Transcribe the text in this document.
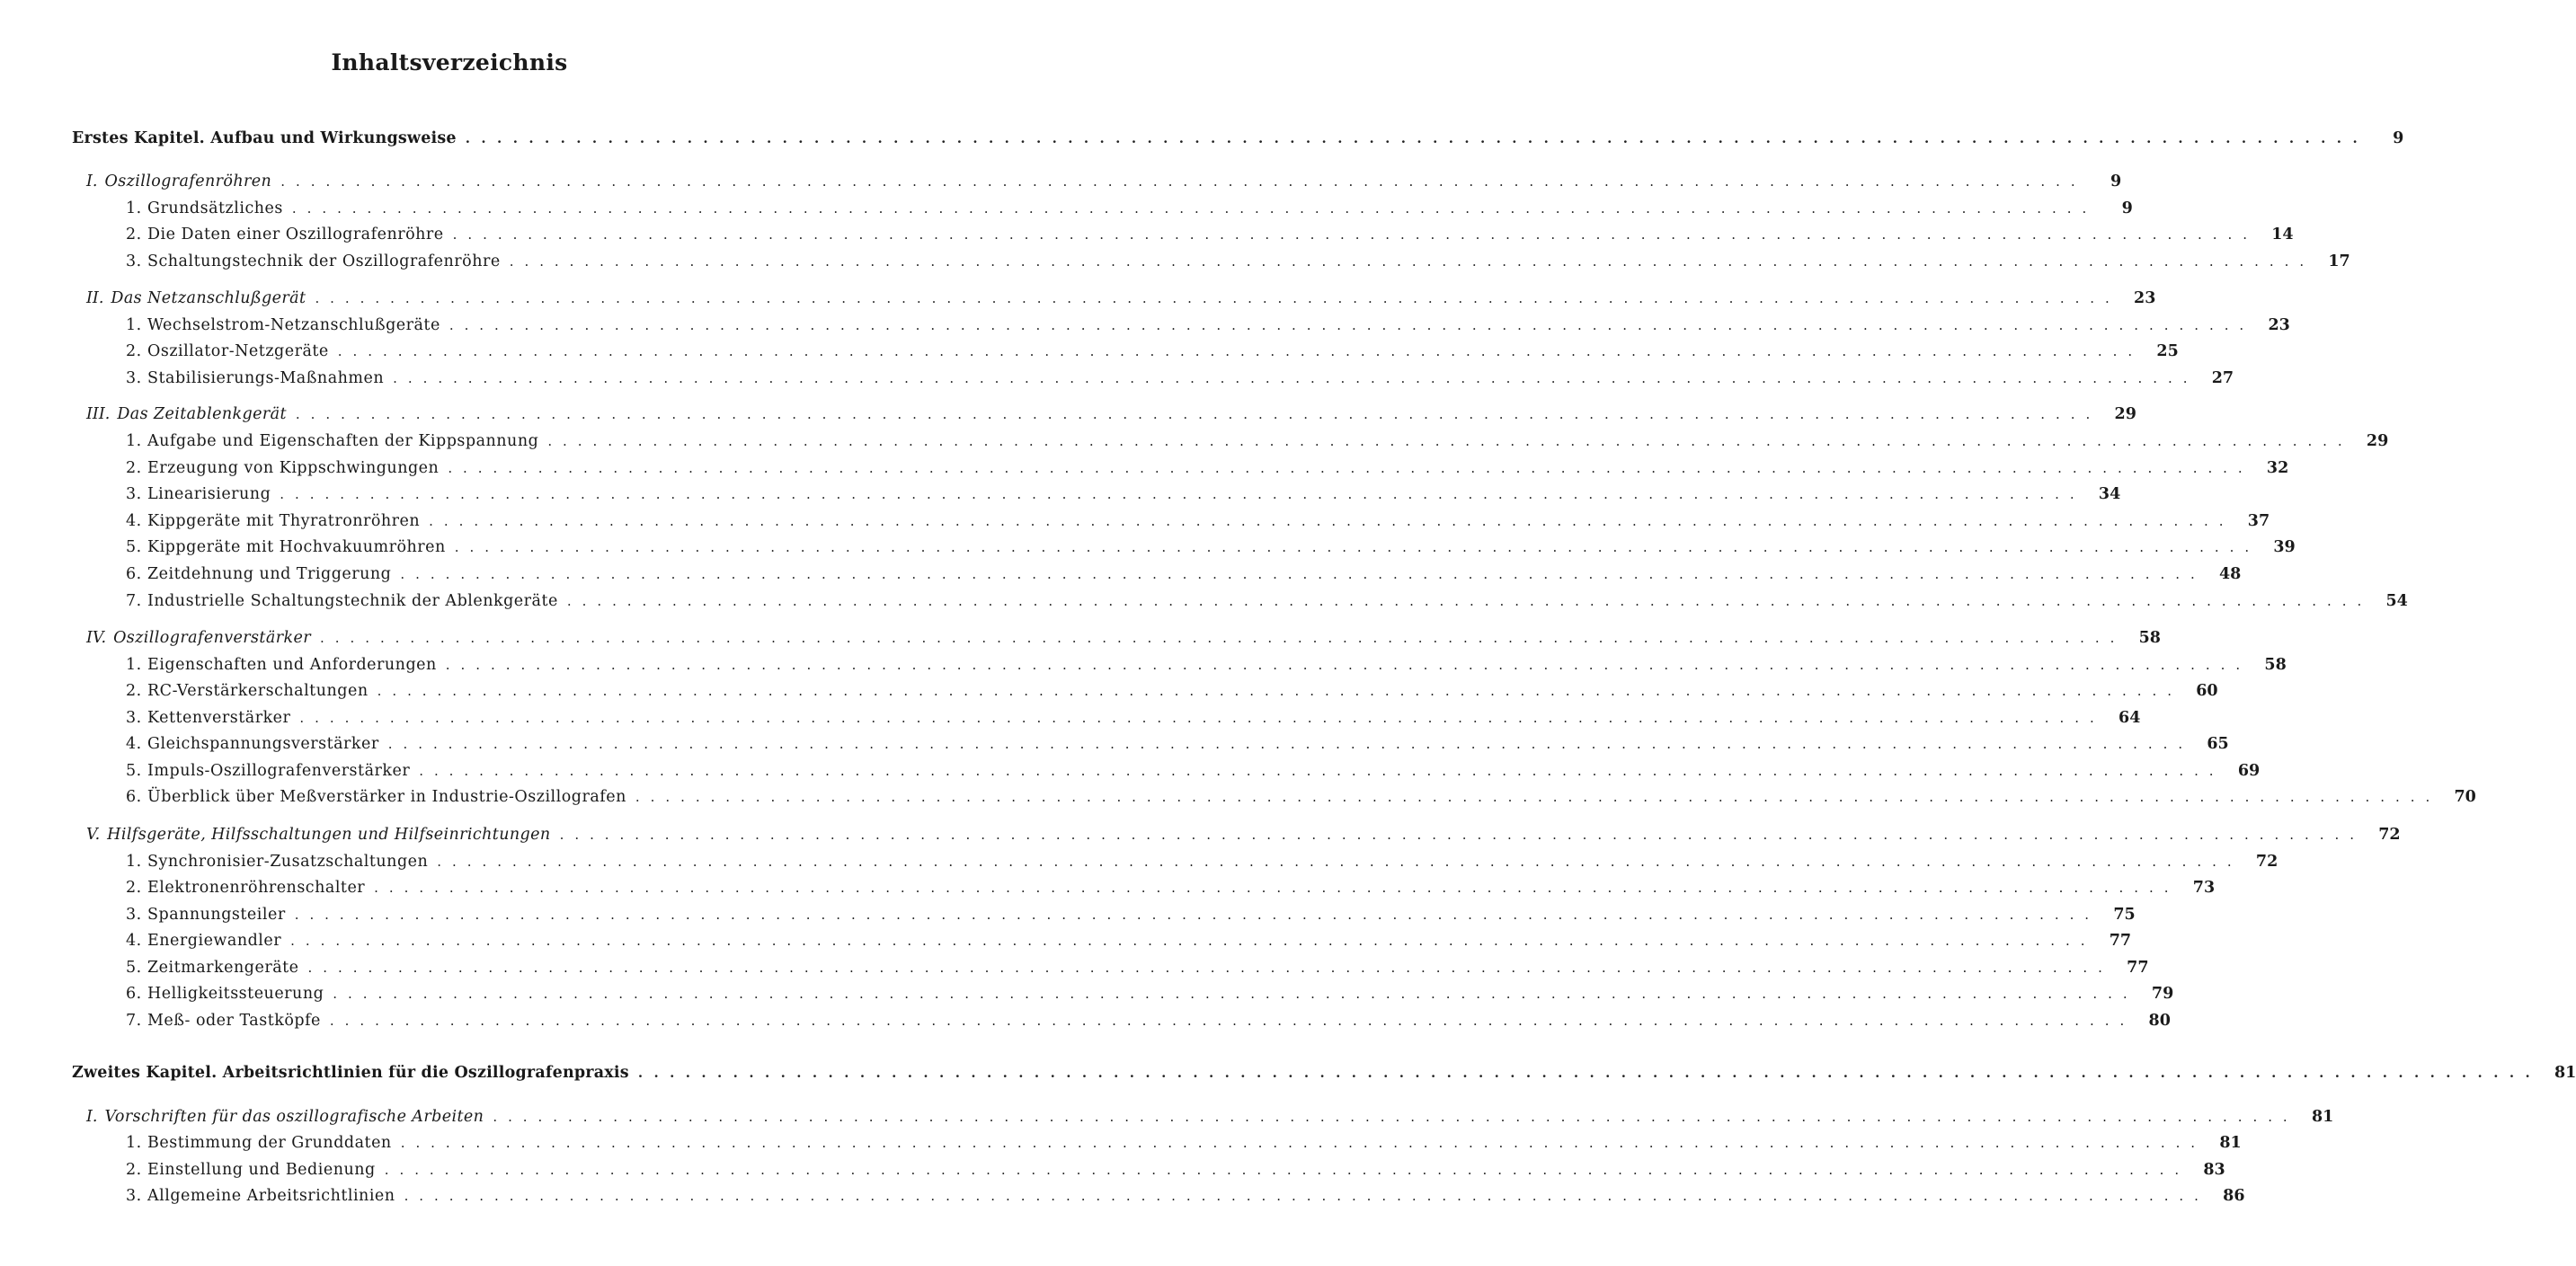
Inhaltsverzeichnis
Erstes Kapitel. Aufbau und Wirkungsweise . . . . . . . . . . . . . . . . . . . . . . . . . . . . . . . . . . . . . . . . . . . . . . . . . . . . . . . . . . . . . . . . . . . . . . . . . . . . . . . . . . . . . . . . . . . . . . . . . . . . . . . . . . . . . . . . . . . . . . . .	9
I. Oszillografenröhren . . . . . . . . . . . . . . . . . . . . . . . . . . . . . . . . . . . . . . . . . . . . . . . . . . . . . . . . . . . . . . . . . . . . . . . . . . . . . . . . . . . . . . . . . . . . . . . . . . . . . . . . . . . . . . . . . . . . . . . .	9
1. Grundsätzliches . . . . . . . . . . . . . . . . . . . . . . . . . . . . . . . . . . . . . . . . . . . . . . . . . . . . . . . . . . . . . . . . . . . . . . . . . . . . . . . . . . . . . . . . . . . . . . . . . . . . . . . . . . . . . . . . . . . . . . . .	9
2. Die Daten einer Oszillografenröhre . . . . . . . . . . . . . . . . . . . . . . . . . . . . . . . . . . . . . . . . . . . . . . . . . . . . . . . . . . . . . . . . . . . . . . . . . . . . . . . . . . . . . . . . . . . . . . . . . . . . . . . . . . . . . . . . . . . . . . . .	14
3. Schaltungstechnik der Oszillografenröhre . . . . . . . . . . . . . . . . . . . . . . . . . . . . . . . . . . . . . . . . . . . . . . . . . . . . . . . . . . . . . . . . . . . . . . . . . . . . . . . . . . . . . . . . . . . . . . . . . . . . . . . . . . . . . . . . . . . . . . . .	17
II. Das Netzanschlußgerät . . . . . . . . . . . . . . . . . . . . . . . . . . . . . . . . . . . . . . . . . . . . . . . . . . . . . . . . . . . . . . . . . . . . . . . . . . . . . . . . . . . . . . . . . . . . . . . . . . . . . . . . . . . . . . . . . . . . . . . .	23
1. Wechselstrom-Netzanschlußgeräte . . . . . . . . . . . . . . . . . . . . . . . . . . . . . . . . . . . . . . . . . . . . . . . . . . . . . . . . . . . . . . . . . . . . . . . . . . . . . . . . . . . . . . . . . . . . . . . . . . . . . . . . . . . . . . . . . . . . . . . .	23
2. Oszillator-Netzgeräte . . . . . . . . . . . . . . . . . . . . . . . . . . . . . . . . . . . . . . . . . . . . . . . . . . . . . . . . . . . . . . . . . . . . . . . . . . . . . . . . . . . . . . . . . . . . . . . . . . . . . . . . . . . . . . . . . . . . . . . .	25
3. Stabilisierungs-Maßnahmen . . . . . . . . . . . . . . . . . . . . . . . . . . . . . . . . . . . . . . . . . . . . . . . . . . . . . . . . . . . . . . . . . . . . . . . . . . . . . . . . . . . . . . . . . . . . . . . . . . . . . . . . . . . . . . . . . . . . . . . .	27
III. Das Zeitablenkgerät . . . . . . . . . . . . . . . . . . . . . . . . . . . . . . . . . . . . . . . . . . . . . . . . . . . . . . . . . . . . . . . . . . . . . . . . . . . . . . . . . . . . . . . . . . . . . . . . . . . . . . . . . . . . . . . . . . . . . . . .	29
1. Aufgabe und Eigenschaften der Kippspannung . . . . . . . . . . . . . . . . . . . . . . . . . . . . . . . . . . . . . . . . . . . . . . . . . . . . . . . . . . . . . . . . . . . . . . . . . . . . . . . . . . . . . . . . . . . . . . . . . . . . . . . . . . . . . . . . . . . . . . . .	29
2. Erzeugung von Kippschwingungen . . . . . . . . . . . . . . . . . . . . . . . . . . . . . . . . . . . . . . . . . . . . . . . . . . . . . . . . . . . . . . . . . . . . . . . . . . . . . . . . . . . . . . . . . . . . . . . . . . . . . . . . . . . . . . . . . . . . . . . .	32
3. Linearisierung . . . . . . . . . . . . . . . . . . . . . . . . . . . . . . . . . . . . . . . . . . . . . . . . . . . . . . . . . . . . . . . . . . . . . . . . . . . . . . . . . . . . . . . . . . . . . . . . . . . . . . . . . . . . . . . . . . . . . . . .	34
4. Kippgeräte mit Thyratronröhren . . . . . . . . . . . . . . . . . . . . . . . . . . . . . . . . . . . . . . . . . . . . . . . . . . . . . . . . . . . . . . . . . . . . . . . . . . . . . . . . . . . . . . . . . . . . . . . . . . . . . . . . . . . . . . . . . . . . . . . .	37
5. Kippgeräte mit Hochvakuumröhren . . . . . . . . . . . . . . . . . . . . . . . . . . . . . . . . . . . . . . . . . . . . . . . . . . . . . . . . . . . . . . . . . . . . . . . . . . . . . . . . . . . . . . . . . . . . . . . . . . . . . . . . . . . . . . . . . . . . . . . .	39
6. Zeitdehnung und Triggerung . . . . . . . . . . . . . . . . . . . . . . . . . . . . . . . . . . . . . . . . . . . . . . . . . . . . . . . . . . . . . . . . . . . . . . . . . . . . . . . . . . . . . . . . . . . . . . . . . . . . . . . . . . . . . . . . . . . . . . . .	48
7. Industrielle Schaltungstechnik der Ablenkgeräte . . . . . . . . . . . . . . . . . . . . . . . . . . . . . . . . . . . . . . . . . . . . . . . . . . . . . . . . . . . . . . . . . . . . . . . . . . . . . . . . . . . . . . . . . . . . . . . . . . . . . . . . . . . . . . . . . . . . . . . .	54
IV. Oszillografenverstärker . . . . . . . . . . . . . . . . . . . . . . . . . . . . . . . . . . . . . . . . . . . . . . . . . . . . . . . . . . . . . . . . . . . . . . . . . . . . . . . . . . . . . . . . . . . . . . . . . . . . . . . . . . . . . . . . . . . . . . . .	58
1. Eigenschaften und Anforderungen . . . . . . . . . . . . . . . . . . . . . . . . . . . . . . . . . . . . . . . . . . . . . . . . . . . . . . . . . . . . . . . . . . . . . . . . . . . . . . . . . . . . . . . . . . . . . . . . . . . . . . . . . . . . . . . . . . . . . . . .	58
2. RC-Verstärkerschaltungen . . . . . . . . . . . . . . . . . . . . . . . . . . . . . . . . . . . . . . . . . . . . . . . . . . . . . . . . . . . . . . . . . . . . . . . . . . . . . . . . . . . . . . . . . . . . . . . . . . . . . . . . . . . . . . . . . . . . . . . .	60
3. Kettenverstärker . . . . . . . . . . . . . . . . . . . . . . . . . . . . . . . . . . . . . . . . . . . . . . . . . . . . . . . . . . . . . . . . . . . . . . . . . . . . . . . . . . . . . . . . . . . . . . . . . . . . . . . . . . . . . . . . . . . . . . . .	64
4. Gleichspannungsverstärker . . . . . . . . . . . . . . . . . . . . . . . . . . . . . . . . . . . . . . . . . . . . . . . . . . . . . . . . . . . . . . . . . . . . . . . . . . . . . . . . . . . . . . . . . . . . . . . . . . . . . . . . . . . . . . . . . . . . . . . .	65
5. Impuls-Oszillografenverstärker . . . . . . . . . . . . . . . . . . . . . . . . . . . . . . . . . . . . . . . . . . . . . . . . . . . . . . . . . . . . . . . . . . . . . . . . . . . . . . . . . . . . . . . . . . . . . . . . . . . . . . . . . . . . . . . . . . . . . . . .	69
6. Überblick über Meßverstärker in Industrie-Oszillografen . . . . . . . . . . . . . . . . . . . . . . . . . . . . . . . . . . . . . . . . . . . . . . . . . . . . . . . . . . . . . . . . . . . . . . . . . . . . . . . . . . . . . . . . . . . . . . . . . . . . . . . . . . . . . . . . . . . . . . . .	70
V. Hilfsgeräte, Hilfsschaltungen und Hilfseinrichtungen . . . . . . . . . . . . . . . . . . . . . . . . . . . . . . . . . . . . . . . . . . . . . . . . . . . . . . . . . . . . . . . . . . . . . . . . . . . . . . . . . . . . . . . . . . . . . . . . . . . . . . . . . . . . . . . . . . . . . . . .	72
1. Synchronisier-Zusatzschaltungen . . . . . . . . . . . . . . . . . . . . . . . . . . . . . . . . . . . . . . . . . . . . . . . . . . . . . . . . . . . . . . . . . . . . . . . . . . . . . . . . . . . . . . . . . . . . . . . . . . . . . . . . . . . . . . . . . . . . . . . .	72
2. Elektronenröhrenschalter . . . . . . . . . . . . . . . . . . . . . . . . . . . . . . . . . . . . . . . . . . . . . . . . . . . . . . . . . . . . . . . . . . . . . . . . . . . . . . . . . . . . . . . . . . . . . . . . . . . . . . . . . . . . . . . . . . . . . . . .	73
3. Spannungsteiler . . . . . . . . . . . . . . . . . . . . . . . . . . . . . . . . . . . . . . . . . . . . . . . . . . . . . . . . . . . . . . . . . . . . . . . . . . . . . . . . . . . . . . . . . . . . . . . . . . . . . . . . . . . . . . . . . . . . . . . .	75
4. Energiewandler . . . . . . . . . . . . . . . . . . . . . . . . . . . . . . . . . . . . . . . . . . . . . . . . . . . . . . . . . . . . . . . . . . . . . . . . . . . . . . . . . . . . . . . . . . . . . . . . . . . . . . . . . . . . . . . . . . . . . . . .	77
5. Zeitmarkengeräte . . . . . . . . . . . . . . . . . . . . . . . . . . . . . . . . . . . . . . . . . . . . . . . . . . . . . . . . . . . . . . . . . . . . . . . . . . . . . . . . . . . . . . . . . . . . . . . . . . . . . . . . . . . . . . . . . . . . . . . .	77
6. Helligkeitssteuerung . . . . . . . . . . . . . . . . . . . . . . . . . . . . . . . . . . . . . . . . . . . . . . . . . . . . . . . . . . . . . . . . . . . . . . . . . . . . . . . . . . . . . . . . . . . . . . . . . . . . . . . . . . . . . . . . . . . . . . . .	79
7. Meß- oder Tastköpfe . . . . . . . . . . . . . . . . . . . . . . . . . . . . . . . . . . . . . . . . . . . . . . . . . . . . . . . . . . . . . . . . . . . . . . . . . . . . . . . . . . . . . . . . . . . . . . . . . . . . . . . . . . . . . . . . . . . . . . . .	80
Zweites Kapitel. Arbeitsrichtlinien für die Oszillografenpraxis . . . . . . . . . . . . . . . . . . . . . . . . . . . . . . . . . . . . . . . . . . . . . . . . . . . . . . . . . . . . . . . . . . . . . . . . . . . . . . . . . . . . . . . . . . . . . . . . . . . . . . . . . . . . . . . . . . . . . . . .	81
I. Vorschriften für das oszillografische Arbeiten . . . . . . . . . . . . . . . . . . . . . . . . . . . . . . . . . . . . . . . . . . . . . . . . . . . . . . . . . . . . . . . . . . . . . . . . . . . . . . . . . . . . . . . . . . . . . . . . . . . . . . . . . . . . . . . . . . . . . . . .	81
1. Bestimmung der Grunddaten . . . . . . . . . . . . . . . . . . . . . . . . . . . . . . . . . . . . . . . . . . . . . . . . . . . . . . . . . . . . . . . . . . . . . . . . . . . . . . . . . . . . . . . . . . . . . . . . . . . . . . . . . . . . . . . . . . . . . . . .	81
2. Einstellung und Bedienung . . . . . . . . . . . . . . . . . . . . . . . . . . . . . . . . . . . . . . . . . . . . . . . . . . . . . . . . . . . . . . . . . . . . . . . . . . . . . . . . . . . . . . . . . . . . . . . . . . . . . . . . . . . . . . . . . . . . . . . .	83
3. Allgemeine Arbeitsrichtlinien . . . . . . . . . . . . . . . . . . . . . . . . . . . . . . . . . . . . . . . . . . . . . . . . . . . . . . . . . . . . . . . . . . . . . . . . . . . . . . . . . . . . . . . . . . . . . . . . . . . . . . . . . . . . . . . . . . . . . . . .	86
